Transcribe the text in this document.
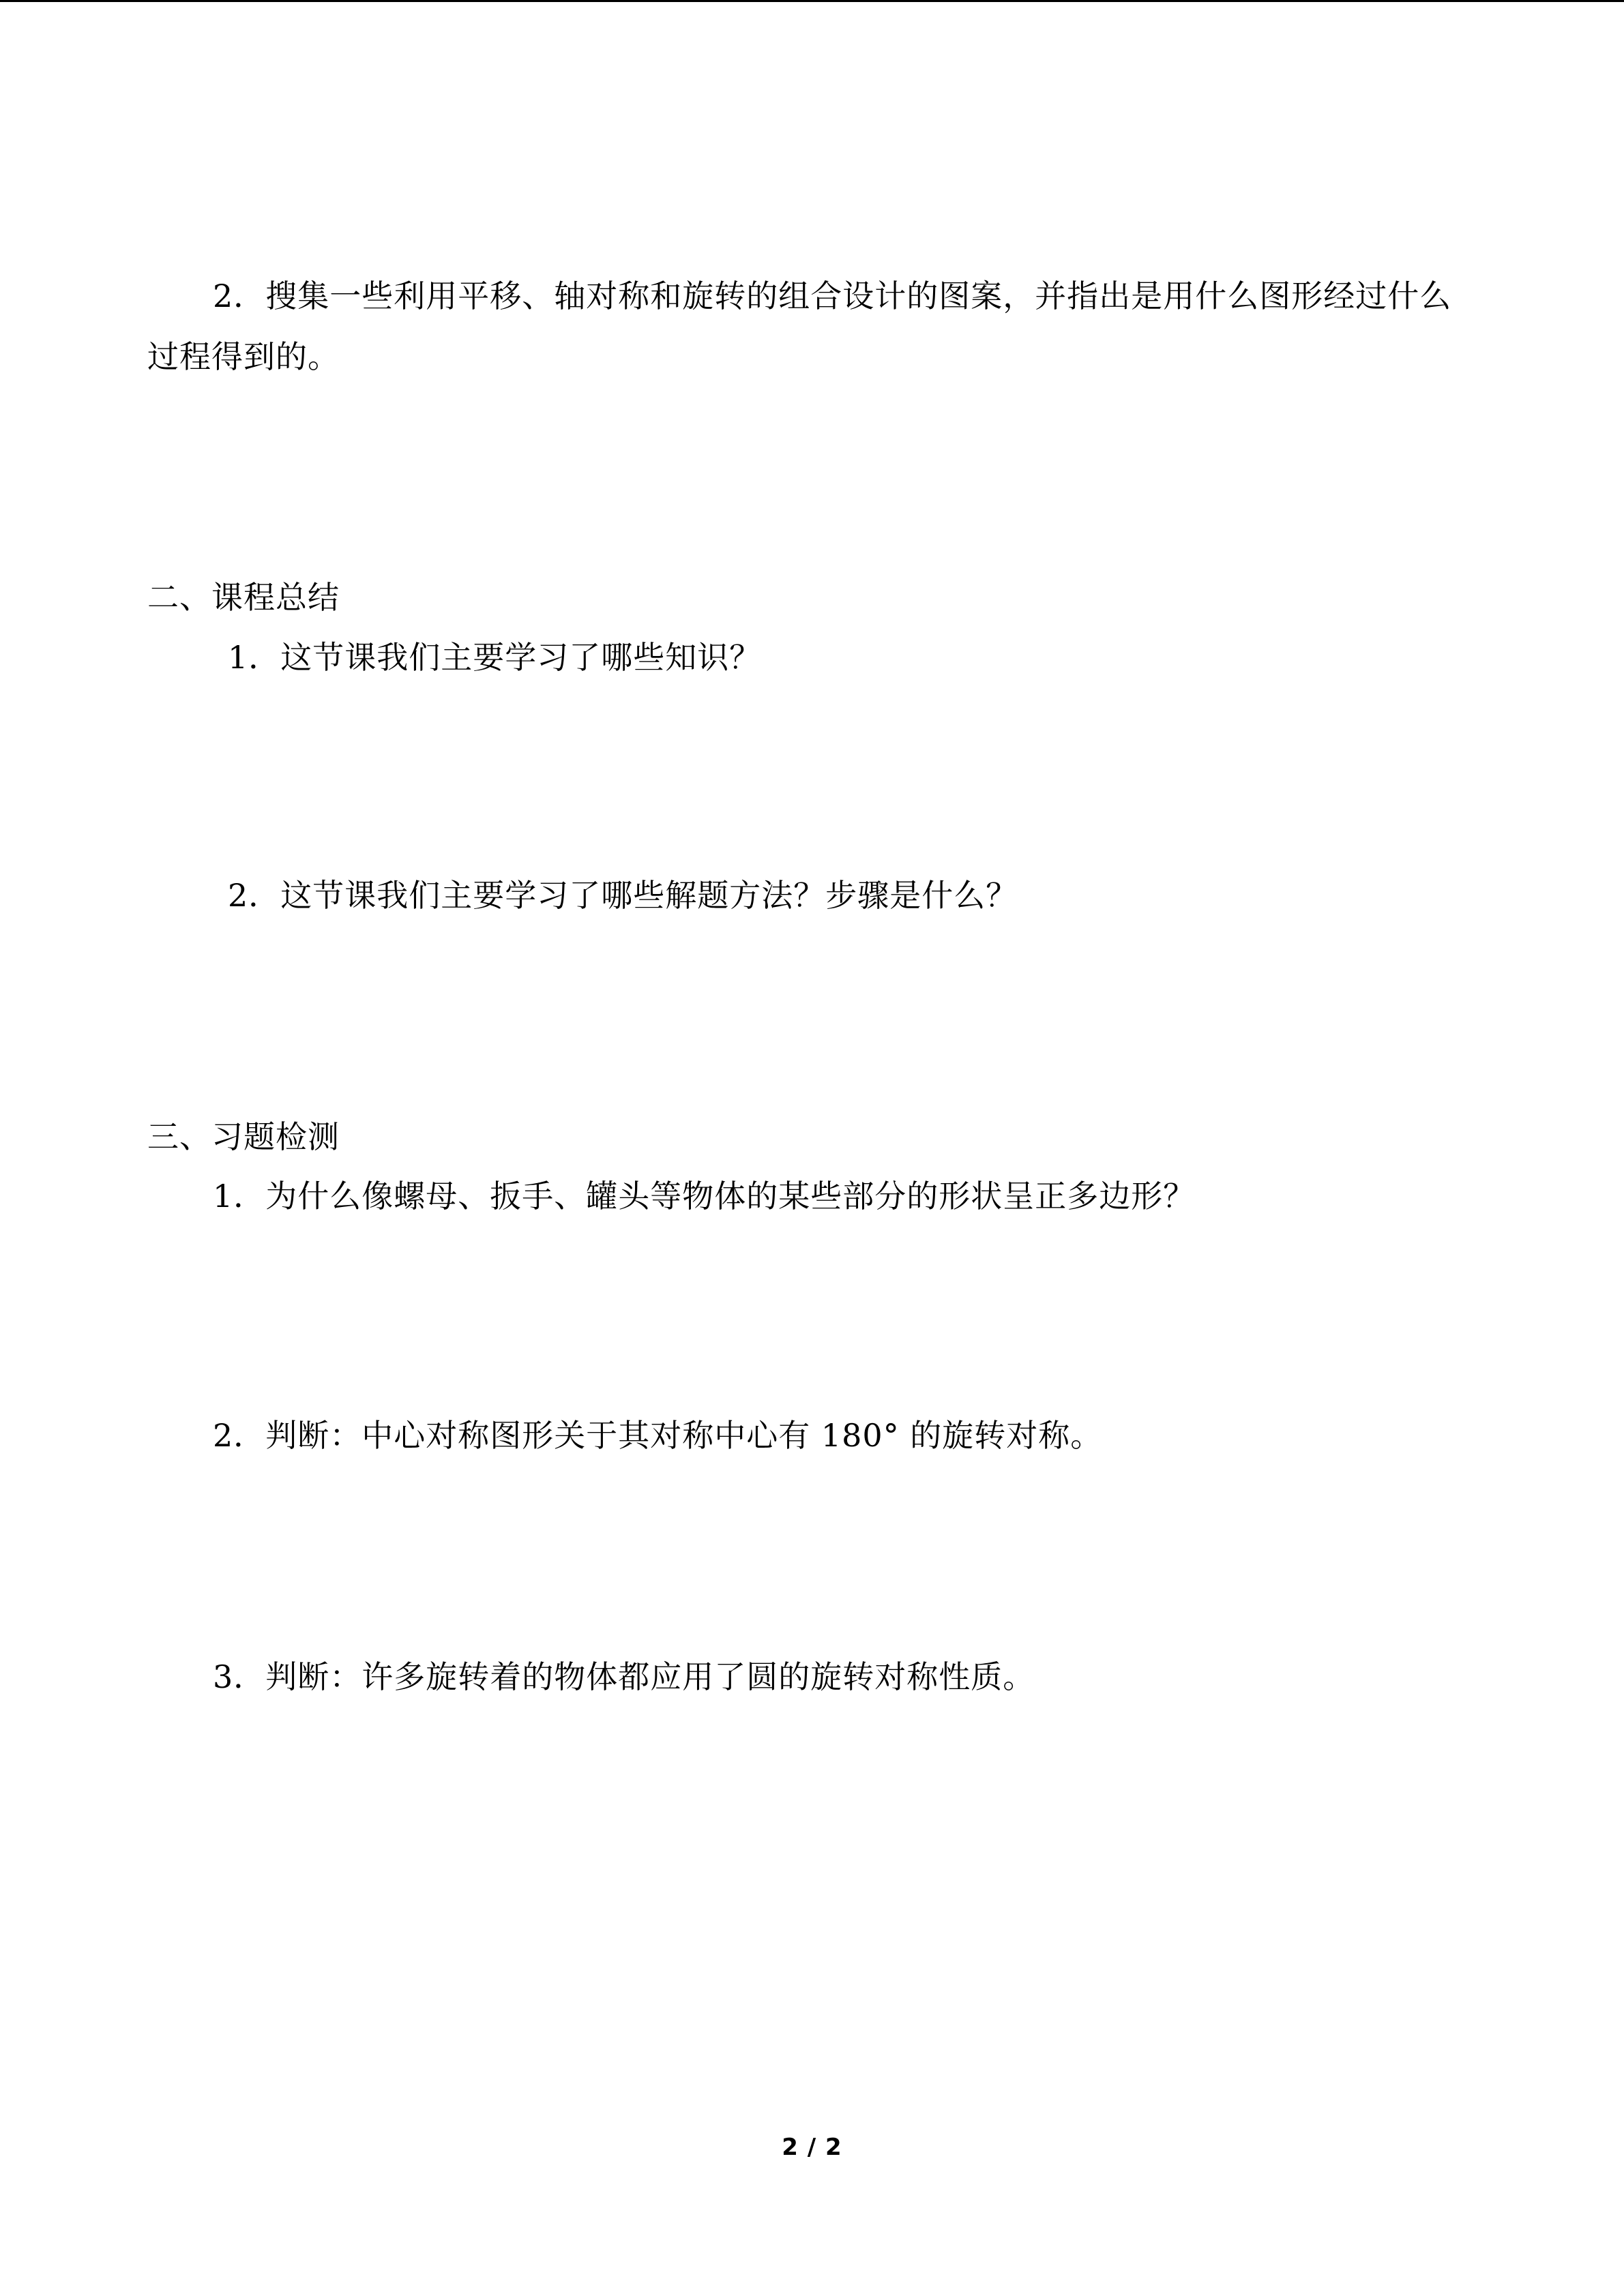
2．搜集一些利用平移、轴对称和旋转的组合设计的图案，并指出是用什么图形经过什么

过程得到的。

二、课程总结

1．这节课我们主要学习了哪些知识？

2．这节课我们主要学习了哪些解题方法？步骤是什么？

三、习题检测

1．为什么像螺母、扳手、罐头等物体的某些部分的形状呈正多边形？

2．判断：中心对称图形关于其对称中心有 180° 的旋转对称。

3．判断：许多旋转着的物体都应用了圆的旋转对称性质。

2 / 2
